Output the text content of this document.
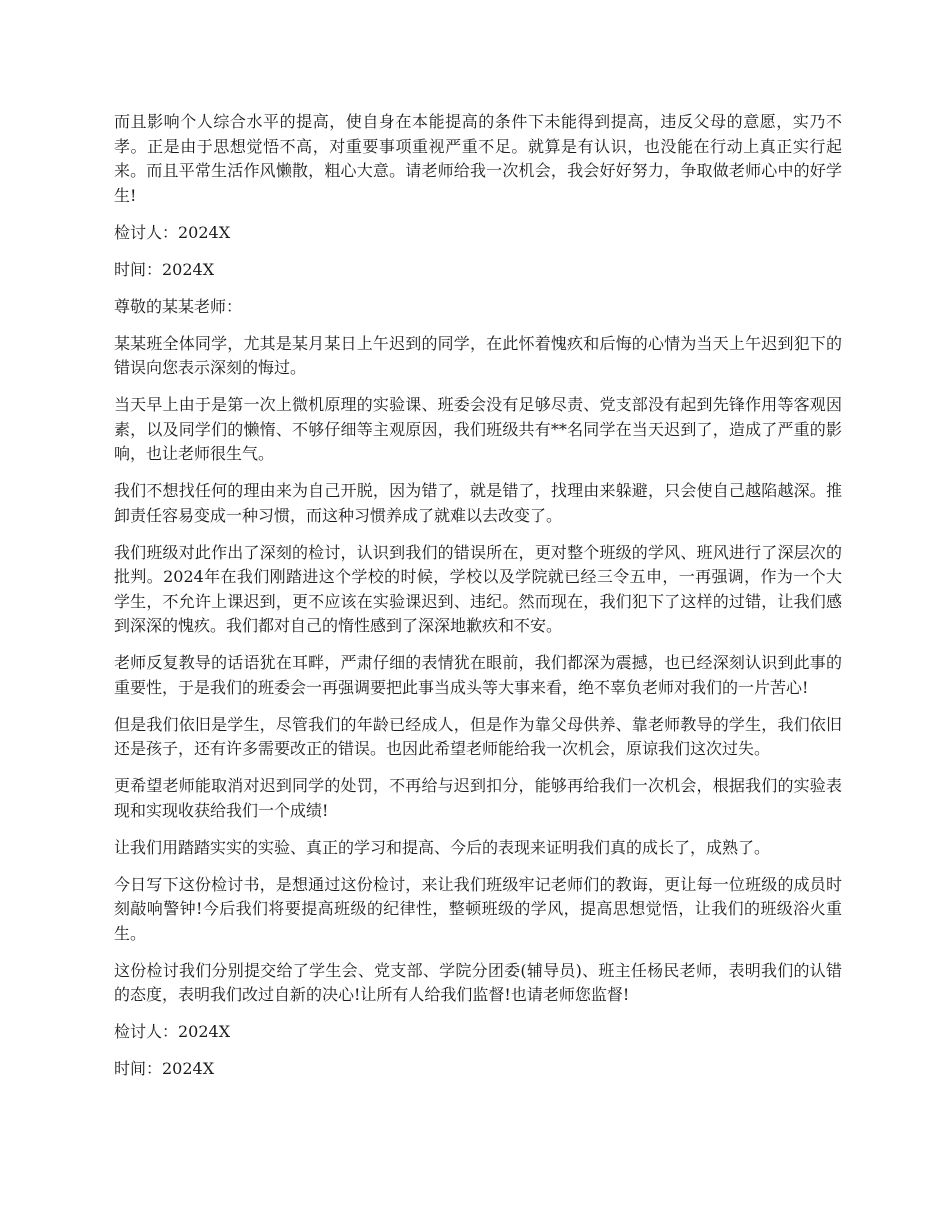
而且影响个人综合水平的提高，使自身在本能提高的条件下未能得到提高，违反父母的意愿，实乃不孝。正是由于思想觉悟不高，对重要事项重视严重不足。就算是有认识，也没能在行动上真正实行起来。而且平常生活作风懒散，粗心大意。请老师给我一次机会，我会好好努力，争取做老师心中的好学生!

检讨人：2024X

时间：2024X

尊敬的某某老师：

某某班全体同学，尤其是某月某日上午迟到的同学，在此怀着愧疚和后悔的心情为当天上午迟到犯下的错误向您表示深刻的悔过。

当天早上由于是第一次上微机原理的实验课、班委会没有足够尽责、党支部没有起到先锋作用等客观因素，以及同学们的懒惰、不够仔细等主观原因，我们班级共有**名同学在当天迟到了，造成了严重的影响，也让老师很生气。

我们不想找任何的理由来为自己开脱，因为错了，就是错了，找理由来躲避，只会使自己越陷越深。推卸责任容易变成一种习惯，而这种习惯养成了就难以去改变了。

我们班级对此作出了深刻的检讨，认识到我们的错误所在，更对整个班级的学风、班风进行了深层次的批判。2024年在我们刚踏进这个学校的时候，学校以及学院就已经三令五申，一再强调，作为一个大学生，不允许上课迟到，更不应该在实验课迟到、违纪。然而现在，我们犯下了这样的过错，让我们感到深深的愧疚。我们都对自己的惰性感到了深深地歉疚和不安。

老师反复教导的话语犹在耳畔，严肃仔细的表情犹在眼前，我们都深为震撼，也已经深刻认识到此事的重要性，于是我们的班委会一再强调要把此事当成头等大事来看，绝不辜负老师对我们的一片苦心!

但是我们依旧是学生，尽管我们的年龄已经成人，但是作为靠父母供养、靠老师教导的学生，我们依旧还是孩子，还有许多需要改正的错误。也因此希望老师能给我一次机会，原谅我们这次过失。

更希望老师能取消对迟到同学的处罚，不再给与迟到扣分，能够再给我们一次机会，根据我们的实验表现和实现收获给我们一个成绩!

让我们用踏踏实实的实验、真正的学习和提高、今后的表现来证明我们真的成长了，成熟了。

今日写下这份检讨书，是想通过这份检讨，来让我们班级牢记老师们的教诲，更让每一位班级的成员时刻敲响警钟!今后我们将要提高班级的纪律性，整顿班级的学风，提高思想觉悟，让我们的班级浴火重生。

这份检讨我们分别提交给了学生会、党支部、学院分团委(辅导员)、班主任杨民老师，表明我们的认错的态度，表明我们改过自新的决心!让所有人给我们监督!也请老师您监督!

检讨人：2024X

时间：2024X
